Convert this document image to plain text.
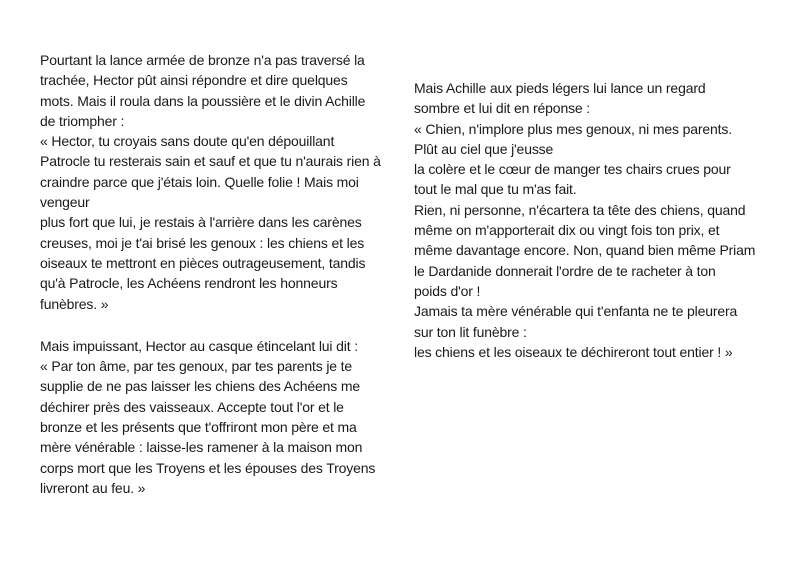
Pourtant la lance armée de bronze n'a pas traversé la
trachée, Hector pût ainsi répondre et dire quelques
mots. Mais il roula dans la poussière et le divin Achille
de triompher :
« Hector, tu croyais sans doute qu'en dépouillant
Patrocle tu resterais sain et sauf et que tu n'aurais rien à
craindre parce que j'étais loin. Quelle folie ! Mais moi
vengeur
plus fort que lui, je restais à l'arrière dans les carènes
creuses, moi je t'ai brisé les genoux : les chiens et les
oiseaux te mettront en pièces outrageusement, tandis
qu'à Patrocle, les Achéens rendront les honneurs
funèbres. »
Mais impuissant, Hector au casque étincelant lui dit :
« Par ton âme, par tes genoux, par tes parents je te
supplie de ne pas laisser les chiens des Achéens me
déchirer près des vaisseaux. Accepte tout l'or et le
bronze et les présents que t'offriront mon père et ma
mère vénérable : laisse-les ramener à la maison mon
corps mort que les Troyens et les épouses des Troyens
livreront au feu. »
Mais Achille aux pieds légers lui lance un regard
sombre et lui dit en réponse :
« Chien, n'implore plus mes genoux, ni mes parents.
Plût au ciel que j'eusse
la colère et le cœur de manger tes chairs crues pour
tout le mal que tu m'as fait.
Rien, ni personne, n'écartera ta tête des chiens, quand
même on m'apporterait dix ou vingt fois ton prix, et
même davantage encore. Non, quand bien même Priam
le Dardanide donnerait l'ordre de te racheter à ton
poids d'or !
Jamais ta mère vénérable qui t'enfanta ne te pleurera
sur ton lit funèbre :
les chiens et les oiseaux te déchireront tout entier ! »
